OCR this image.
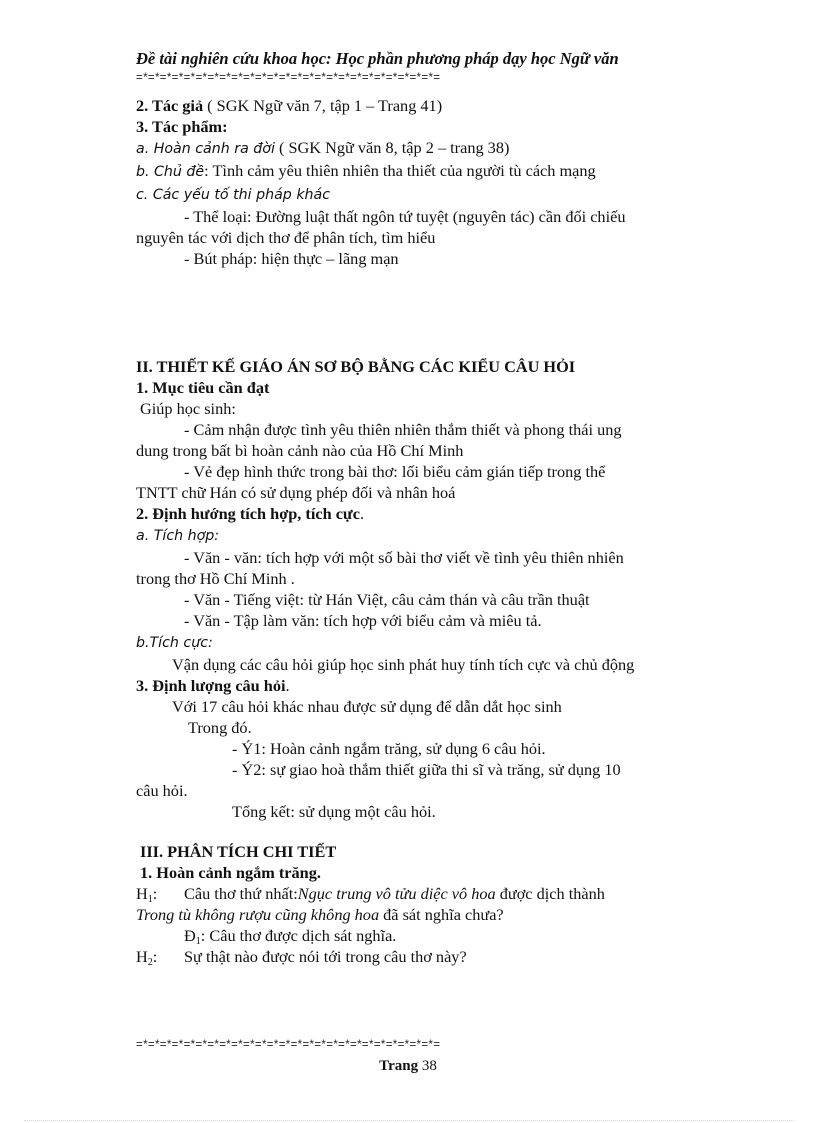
Đề tài nghiên cứu khoa học: Học phần phương pháp dạy học Ngữ văn
=*=*=*=*=*=*=*=*=*=*=*=*=*=*=*=*=*=*=*=*=*=*=*=*=*=
2. Tác giả ( SGK Ngữ văn 7, tập 1 – Trang 41)
3. Tác phẩm:
a. Hoàn cảnh ra đời ( SGK Ngữ văn 8, tập 2 – trang 38)
b. Chủ đề: Tình cảm yêu thiên nhiên tha thiết của người tù cách mạng
c. Các yếu tố thi pháp khác
- Thể loại: Đường luật thất ngôn tứ tuyệt (nguyên tác) cần đối chiếu
nguyên tác với dịch thơ để phân tích, tìm hiểu
- Bút pháp: hiện thực – lãng mạn
II. THIẾT KẾ GIÁO ÁN SƠ BỘ BẰNG CÁC KIỂU CÂU HỎI
1. Mục tiêu cần đạt
Giúp học sinh:
- Cảm nhận được tình yêu thiên nhiên thắm thiết và phong thái ung
dung trong bất bì hoàn cảnh nào của Hồ Chí Minh
- Vẻ đẹp hình thức trong bài thơ: lối biểu cảm gián tiếp trong thể
TNTT chữ Hán có sử dụng phép đối và nhân hoá
2. Định hướng tích hợp, tích cực.
a. Tích hợp:
- Văn - văn: tích hợp với một số bài thơ viết về tình yêu thiên nhiên
trong thơ Hồ Chí Minh .
- Văn - Tiếng việt: từ Hán Việt, câu cảm thán và câu trần thuật
- Văn - Tập làm văn: tích hợp với biểu cảm và miêu tả.
b.Tích cực:
Vận dụng các câu hỏi giúp học sinh phát huy tính tích cực và chủ động
3. Định lượng câu hỏi.
Với 17 câu hỏi khác nhau được sử dụng để dẫn dắt học sinh
Trong đó.
- Ý1: Hoàn cảnh ngắm trăng, sử dụng 6 câu hỏi.
- Ý2: sự giao hoà thắm thiết giữa thi sĩ và trăng, sử dụng 10
câu hỏi.
Tổng kết: sử dụng một câu hỏi.
III. PHÂN TÍCH CHI TIẾT
1. Hoàn cảnh ngắm trăng.
$H_1$: Câu thơ thứ nhất:Ngục trung vô tửu diệc vô hoa được dịch thành
Trong tù không rượu cũng không hoa đã sát nghĩa chưa?
$Đ_1$: Câu thơ được dịch sát nghĩa.
$H_2$: Sự thật nào được nói tới trong câu thơ này?
=*=*=*=*=*=*=*=*=*=*=*=*=*=*=*=*=*=*=*=*=*=*=*=*=*=
Trang 38
